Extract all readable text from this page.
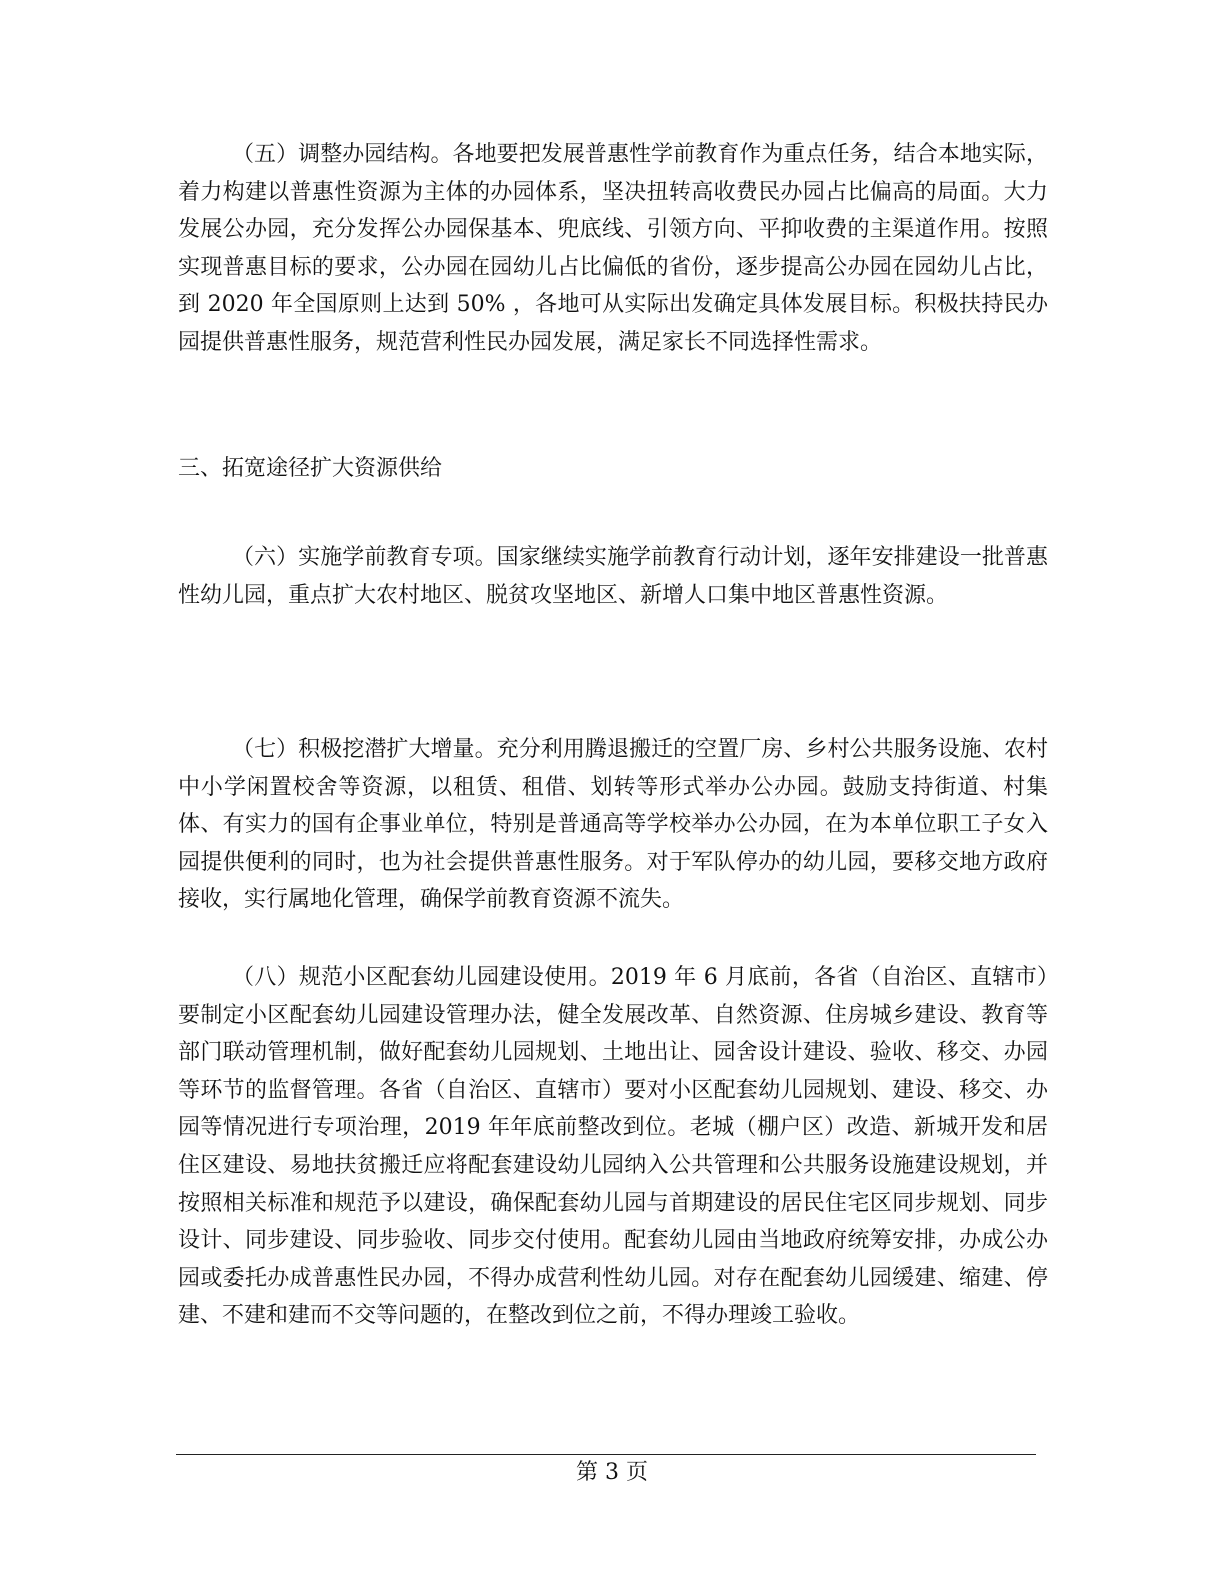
（五）调整办园结构。各地要把发展普惠性学前教育作为重点任务，结合本地实际，着力构建以普惠性资源为主体的办园体系，坚决扭转高收费民办园占比偏高的局面。大力发展公办园，充分发挥公办园保基本、兜底线、引领方向、平抑收费的主渠道作用。按照实现普惠目标的要求，公办园在园幼儿占比偏低的省份，逐步提高公办园在园幼儿占比，到 2020 年全国原则上达到 50% ，各地可从实际出发确定具体发展目标。积极扶持民办园提供普惠性服务，规范营利性民办园发展，满足家长不同选择性需求。

三、拓宽途径扩大资源供给

（六）实施学前教育专项。国家继续实施学前教育行动计划，逐年安排建设一批普惠性幼儿园，重点扩大农村地区、脱贫攻坚地区、新增人口集中地区普惠性资源。

（七）积极挖潜扩大增量。充分利用腾退搬迁的空置厂房、乡村公共服务设施、农村中小学闲置校舍等资源，以租赁、租借、划转等形式举办公办园。鼓励支持街道、村集体、有实力的国有企事业单位，特别是普通高等学校举办公办园，在为本单位职工子女入园提供便利的同时，也为社会提供普惠性服务。对于军队停办的幼儿园，要移交地方政府接收，实行属地化管理，确保学前教育资源不流失。

（八）规范小区配套幼儿园建设使用。2019 年 6 月底前，各省（自治区、直辖市）要制定小区配套幼儿园建设管理办法，健全发展改革、自然资源、住房城乡建设、教育等部门联动管理机制，做好配套幼儿园规划、土地出让、园舍设计建设、验收、移交、办园等环节的监督管理。各省（自治区、直辖市）要对小区配套幼儿园规划、建设、移交、办园等情况进行专项治理，2019 年年底前整改到位。老城（棚户区）改造、新城开发和居住区建设、易地扶贫搬迁应将配套建设幼儿园纳入公共管理和公共服务设施建设规划，并按照相关标准和规范予以建设，确保配套幼儿园与首期建设的居民住宅区同步规划、同步设计、同步建设、同步验收、同步交付使用。配套幼儿园由当地政府统筹安排，办成公办园或委托办成普惠性民办园，不得办成营利性幼儿园。对存在配套幼儿园缓建、缩建、停建、不建和建而不交等问题的，在整改到位之前，不得办理竣工验收。

第 3 页
